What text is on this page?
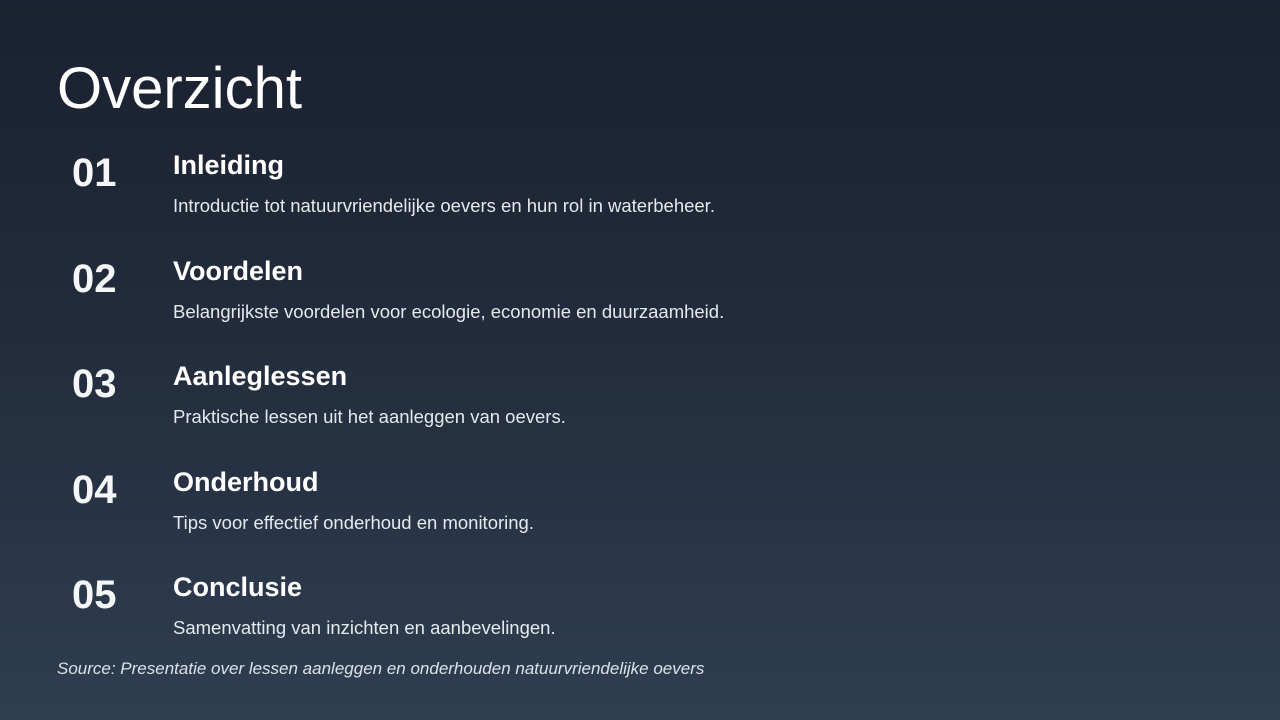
Overzicht
01	Inleiding

Introductie tot natuurvriendelijke oevers en hun rol in waterbeheer.

02	Voordelen

Belangrijkste voordelen voor ecologie, economie en duurzaamheid.

03	Aanleglessen

Praktische lessen uit het aanleggen van oevers.

04	Onderhoud

Tips voor effectief onderhoud en monitoring.

05	Conclusie

Samenvatting van inzichten en aanbevelingen.

Source: Presentatie over lessen aanleggen en onderhouden natuurvriendelijke oevers
